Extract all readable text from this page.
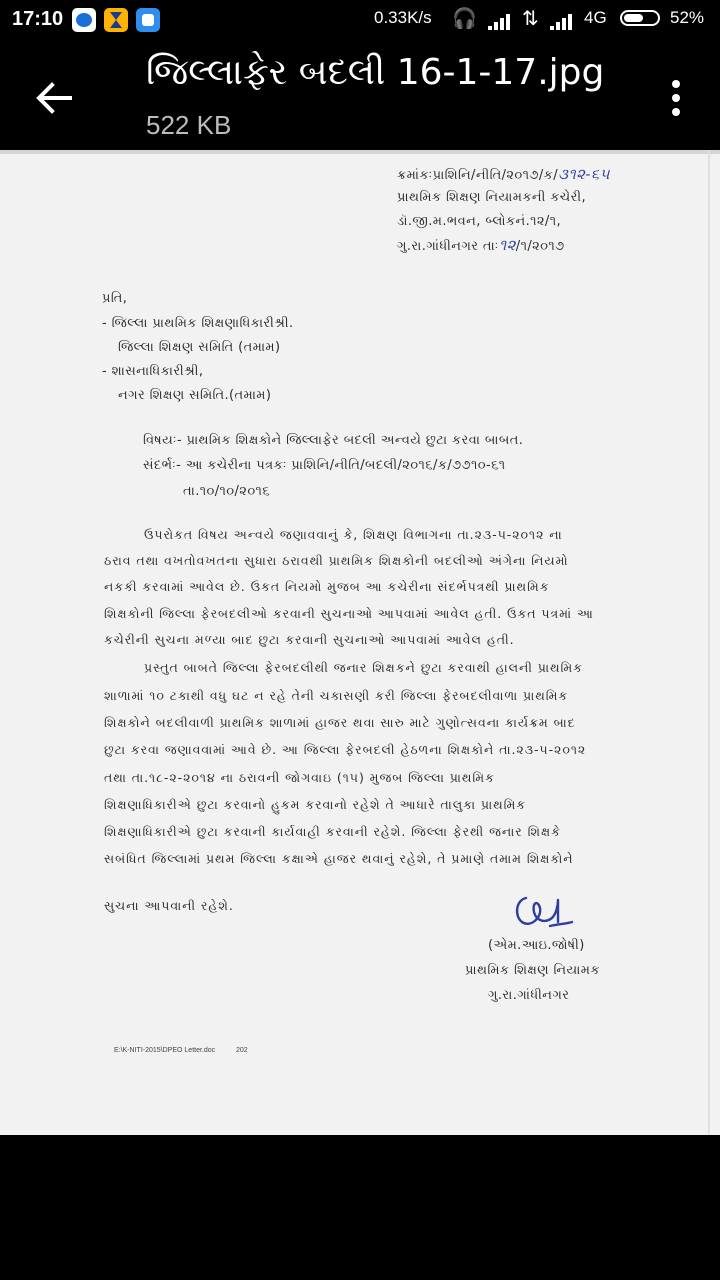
17:10	0.33K/s 🎧 ⇅	4G	52%
જિલ્લાફેર બદલી 16-1-17.jpg
522 KB
ક્રમાંકઃપ્રાશિનિ/નીતિ/૨૦૧૭/ક/૩૧૨-૬૫
પ્રાથમિક શિક્ષણ નિયામકની કચેરી,
ડૉ.જી.મ.ભવન, બ્લોકનં.૧૨/૧,
ગુ.રા.ગાંધીનગર તાઃ૧૨/૧/૨૦૧૭
પ્રતિ,
- જિલ્લા પ્રાથમિક શિક્ષણાધિકારીશ્રી.
જિલ્લા શિક્ષણ સમિતિ (તમામ)
- શાસનાધિકારીશ્રી,
નગર શિક્ષણ સમિતિ.(તમામ)
વિષયઃ- પ્રાથમિક શિક્ષકોને જિલ્લાફેર બદલી અન્વયે છુટા કરવા બાબત.
સંદર્ભઃ- આ કચેરીના પત્રકઃ પ્રાશિનિ/નીતિ/બદલી/૨૦૧૬/ક/૭૭૧૦-૬૧
તા.૧૦/૧૦/૨૦૧૬
ઉપરોકત વિષય અન્વયે જણાવવાનું કે, શિક્ષણ વિભાગના તા.૨૩-૫-૨૦૧૨ ના
ઠરાવ તથા વખતોવખતના સુધારા ઠરાવથી પ્રાથમિક શિક્ષકોની બદલીઓ અંગેના નિયમો
નકકી કરવામાં આવેલ છે. ઉકત નિયમો મુજબ આ કચેરીના સંદર્ભપત્રથી પ્રાથમિક
શિક્ષકોની જિલ્લા ફેરબદલીઓ કરવાની સુચનાઓ આપવામાં આવેલ હતી. ઉકત પત્રમાં આ
કચેરીની સુચના મળ્યા બાદ છુટા કરવાની સુચનાઓ આપવામાં આવેલ હતી.
પ્રસ્તુત બાબતે જિલ્લા ફેરબદલીથી જનાર શિક્ષકને છુટા કરવાથી હાલની પ્રાથમિક
શાળામાં ૧૦ ટકાથી વધુ ઘટ ન રહે તેની ચકાસણી કરી જિલ્લા ફેરબદલીવાળા પ્રાથમિક
શિક્ષકોને બદલીવાળી પ્રાથમિક શાળામાં હાજર થવા સારુ માટે ગુણોત્સવના કાર્યક્રમ બાદ
છુટા કરવા જણાવવામાં આવે છે. આ જિલ્લા ફેરબદલી હેઠળના શિક્ષકોને તા.૨૩-૫-૨૦૧૨
તથા તા.૧૮-૨-૨૦૧૪ ના ઠરાવની જોગવાઇ (૧૫) મુજબ જિલ્લા પ્રાથમિક
શિક્ષણાધિકારીએ છુટા કરવાનો હુકમ કરવાનો રહેશે તે આધારે તાલુકા પ્રાથમિક
શિક્ષણાધિકારીએ છુટા કરવાની કાર્યવાહી કરવાની રહેશે. જિલ્લા ફેરથી જનાર શિક્ષકે
સબંધિત જિલ્લામાં પ્રથમ જિલ્લા કક્ષાએ હાજર થવાનું રહેશે, તે પ્રમાણે તમામ શિક્ષકોને
સુચના આપવાની રહેશે.
(એમ.આઇ.જોષી)
પ્રાથમિક શિક્ષણ નિયામક
ગુ.રા.ગાંધીનગર
E:\K-NITI-2015\DPEO Letter.doc	202
